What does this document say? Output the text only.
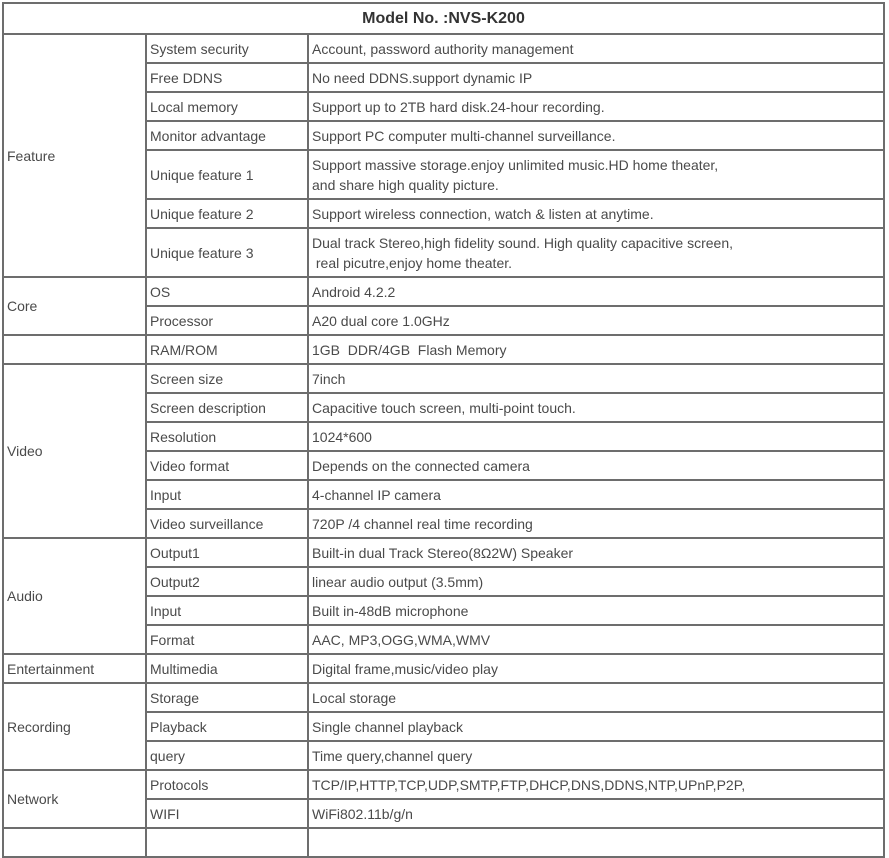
Model No. :NVS-K200		
Feature	System security	Account, password authority management
	Free DDNS	No need DDNS.support dynamic IP
	Local memory	Support up to 2TB hard disk.24-hour recording.
	Monitor advantage	Support PC computer multi-channel surveillance.
	Unique feature 1	Support massive storage.enjoy unlimited music.HD home theater,
and share high quality picture.
	Unique feature 2	Support wireless connection, watch & listen at anytime.
	Unique feature 3	Dual track Stereo,high fidelity sound. High quality capacitive screen,
real picutre,enjoy home theater.
Core	OS	Android 4.2.2
	Processor	A20 dual core 1.0GHz
	RAM/ROM	1GB  DDR/4GB  Flash Memory
Video	Screen size	7inch
	Screen description	Capacitive touch screen, multi-point touch.
	Resolution	1024*600
	Video format	Depends on the connected camera
	Input	4-channel IP camera
	Video surveillance	720P /4 channel real time recording
Audio	Output1	Built-in dual Track Stereo(8Ω2W) Speaker
	Output2	linear audio output (3.5mm)
	Input	Built in-48dB microphone
	Format	AAC, MP3,OGG,WMA,WMV
Entertainment	Multimedia	Digital frame,music/video play
Recording	Storage	Local storage
	Playback	Single channel playback
	query	Time query,channel query
Network	Protocols	TCP/IP,HTTP,TCP,UDP,SMTP,FTP,DHCP,DNS,DDNS,NTP,UPnP,P2P,
	WIFI	WiFi802.11b/g/n
